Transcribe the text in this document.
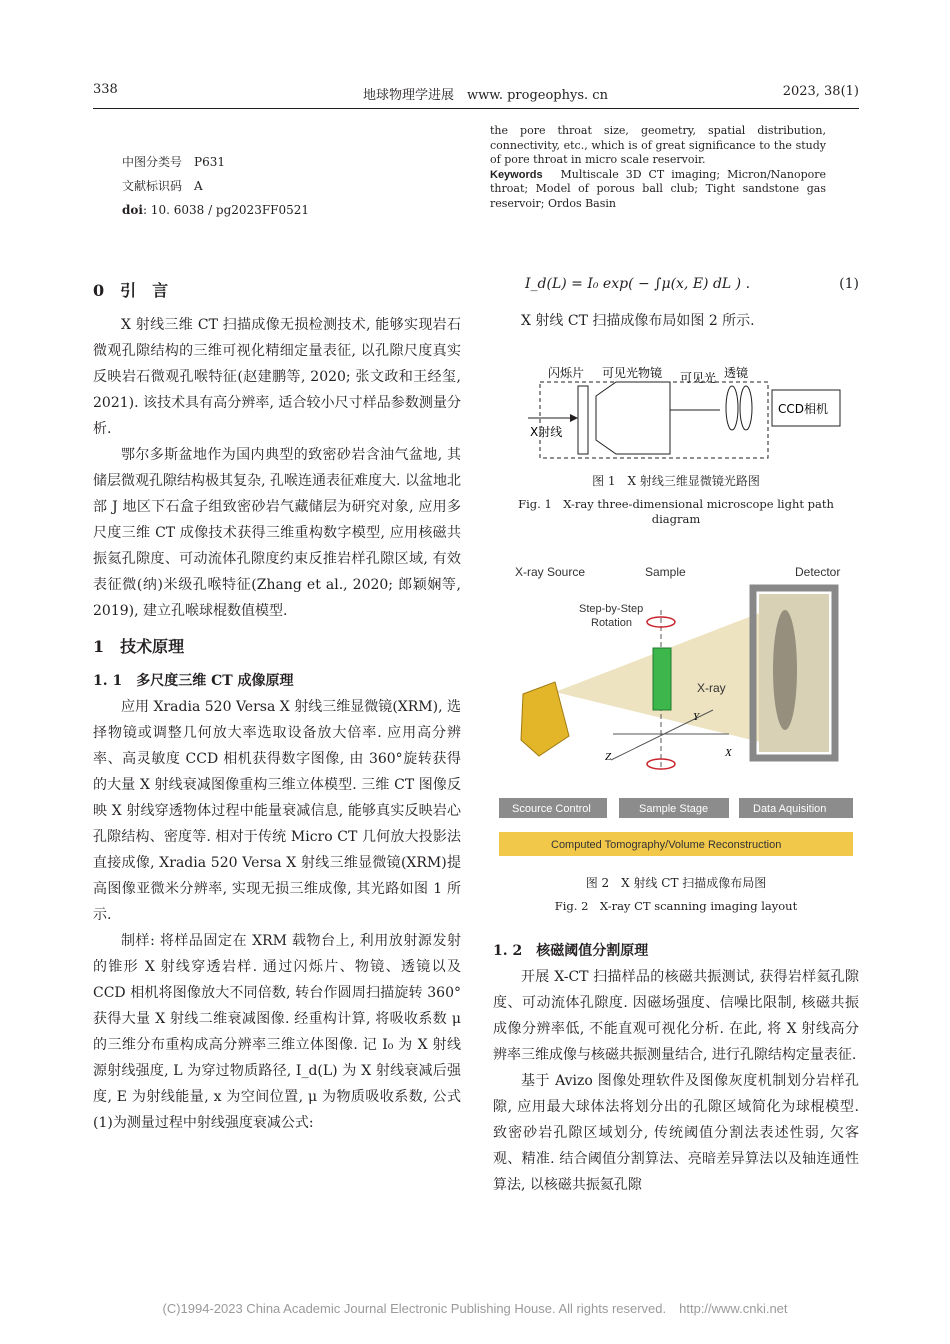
338	地球物理学进展　www. progeophys. cn	2023, 38(1)
中图分类号　P631
文献标识码　A
doi: 10. 6038 / pg2023FF0521
the pore throat size, geometry, spatial distribution, connectivity, etc., which is of great significance to the study of pore throat in micro scale reservoir.
Keywords　 Multiscale 3D CT imaging; Micron/Nanopore throat; Model of porous ball club; Tight sandstone gas reservoir; Ordos Basin
0　引　言
X 射线三维 CT 扫描成像无损检测技术, 能够实现岩石微观孔隙结构的三维可视化精细定量表征, 以孔隙尺度真实反映岩石微观孔喉特征(赵建鹏等, 2020; 张文政和王经玺, 2021). 该技术具有高分辨率, 适合较小尺寸样品参数测量分析.
鄂尔多斯盆地作为国内典型的致密砂岩含油气盆地, 其储层微观孔隙结构极其复杂, 孔喉连通表征难度大. 以盆地北部 J 地区下石盒子组致密砂岩气藏储层为研究对象, 应用多尺度三维 CT 成像技术获得三维重构数字模型, 应用核磁共振氦孔隙度、可动流体孔隙度约束反推岩样孔隙区域, 有效表征微(纳)米级孔喉特征(Zhang et al., 2020; 郎颖娴等, 2019), 建立孔喉球棍数值模型.
1　技术原理
1. 1　多尺度三维 CT 成像原理
应用 Xradia 520 Versa X 射线三维显微镜(XRM), 选择物镜或调整几何放大率选取设备放大倍率. 应用高分辨率、高灵敏度 CCD 相机获得数字图像, 由 360°旋转获得的大量 X 射线衰减图像重构三维立体模型. 三维 CT 图像反映 X 射线穿透物体过程中能量衰减信息, 能够真实反映岩心孔隙结构、密度等. 相对于传统 Micro CT 几何放大投影法直接成像, Xradia 520 Versa X 射线三维显微镜(XRM)提高图像亚微米分辨率, 实现无损三维成像, 其光路如图 1 所示.
制样: 将样品固定在 XRM 载物台上, 利用放射源发射的锥形 X 射线穿透岩样. 通过闪烁片、物镜、透镜以及 CCD 相机将图像放大不同倍数, 转台作圆周扫描旋转 360°获得大量 X 射线二维衰减图像. 经重构计算, 将吸收系数 μ 的三维分布重构成高分辨率三维立体图像. 记 I₀ 为 X 射线源射线强度, L 为穿过物质路径, I_d(L) 为 X 射线衰减后强度, E 为射线能量, x 为空间位置, μ 为物质吸收系数, 公式(1)为测量过程中射线强度衰减公式:
I_d(L) = I₀ exp( − ∫μ(x, E) dL ) .	(1)
X 射线 CT 扫描成像布局如图 2 所示.
X射线
闪烁片 可见光物镜 可见光 透镜
CCD相机
图 1　X 射线三维显微镜光路图
Fig. 1　X-ray three-dimensional microscope light path diagram
X-ray Source	Sample	Detector
Step-by-Step
Rotation
X-ray
Y
Z	X
Scource Control	Sample Stage	Data Aquisition
Computed Tomography/Volume Reconstruction
图 2　X 射线 CT 扫描成像布局图
Fig. 2　X-ray CT scanning imaging layout
1. 2　核磁阈值分割原理
开展 X-CT 扫描样品的核磁共振测试, 获得岩样氦孔隙度、可动流体孔隙度. 因磁场强度、信噪比限制, 核磁共振成像分辨率低, 不能直观可视化分析. 在此, 将 X 射线高分辨率三维成像与核磁共振测量结合, 进行孔隙结构定量表征.
基于 Avizo 图像处理软件及图像灰度机制划分岩样孔隙, 应用最大球体法将划分出的孔隙区域简化为球棍模型. 致密砂岩孔隙区域划分, 传统阈值分割法表述性弱, 欠客观、精准. 结合阈值分割算法、亮暗差异算法以及轴连通性算法, 以核磁共振氦孔隙
(C)1994-2023 China Academic Journal Electronic Publishing House. All rights reserved.　http://www.cnki.net
